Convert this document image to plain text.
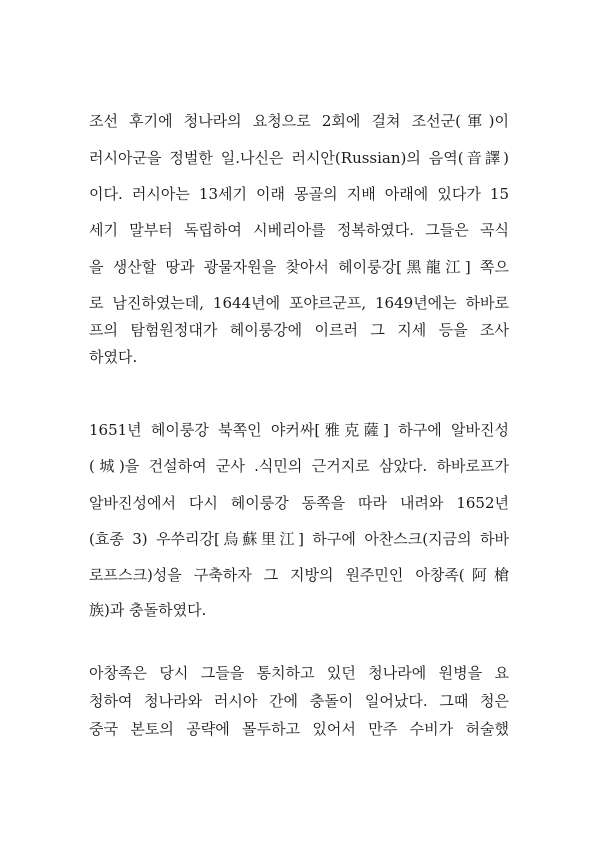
조선 후기에 청나라의 요청으로 2회에 걸쳐 조선군(軍)이
러시아군을 정벌한 일.나신은 러시안(Russian)의 음역(音譯)
이다. 러시아는 13세기 이래 몽골의 지배 아래에 있다가 15
세기 말부터 독립하여 시베리아를 정복하였다. 그들은 곡식
을 생산할 땅과 광물자원을 찾아서 헤이룽강[黑龍江] 쪽으
로 남진하였는데, 1644년에 포야르군프, 1649년에는 하바로
프의 탐험원정대가 헤이룽강에 이르러 그 지세 등을 조사
하였다.
1651년 헤이룽강 북쪽인 야커싸[雅克薩] 하구에 알바진성
(城)을 건설하여 군사 .식민의 근거지로 삼았다. 하바로프가
알바진성에서 다시 헤이룽강 동쪽을 따라 내려와 1652년
(효종 3) 우쑤리강[烏蘇里江] 하구에 아찬스크(지금의 하바
로프스크)성을 구축하자 그 지방의 원주민인 아창족(阿槍
族)과 충돌하였다.
아창족은 당시 그들을 통치하고 있던 청나라에 원병을 요
청하여 청나라와 러시아 간에 충돌이 일어났다. 그때 청은
중국 본토의 공략에 몰두하고 있어서 만주 수비가 허술했
